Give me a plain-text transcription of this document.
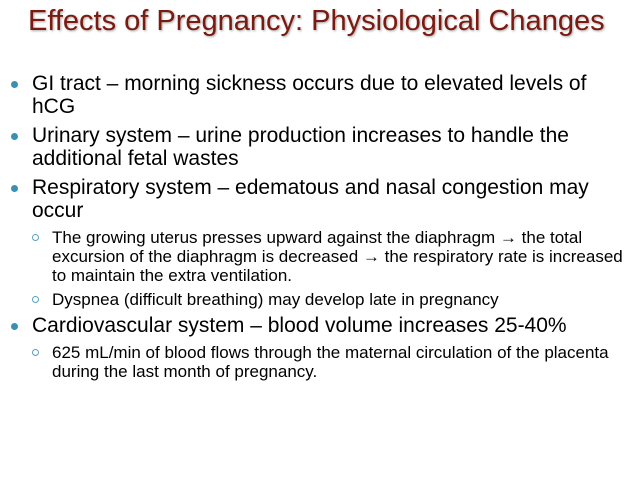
Effects of Pregnancy: Physiological Changes
GI tract – morning sickness occurs due to elevated levels of hCG
Urinary system – urine production increases to handle the additional fetal wastes
Respiratory system – edematous and nasal congestion may occur
The growing uterus presses upward against the diaphragm → the total excursion of the diaphragm is decreased → the respiratory rate is increased to maintain the extra ventilation.
Dyspnea (difficult breathing) may develop late in pregnancy
Cardiovascular system – blood volume increases 25-40%
625 mL/min of blood flows through the maternal circulation of the placenta during the last month of pregnancy.
